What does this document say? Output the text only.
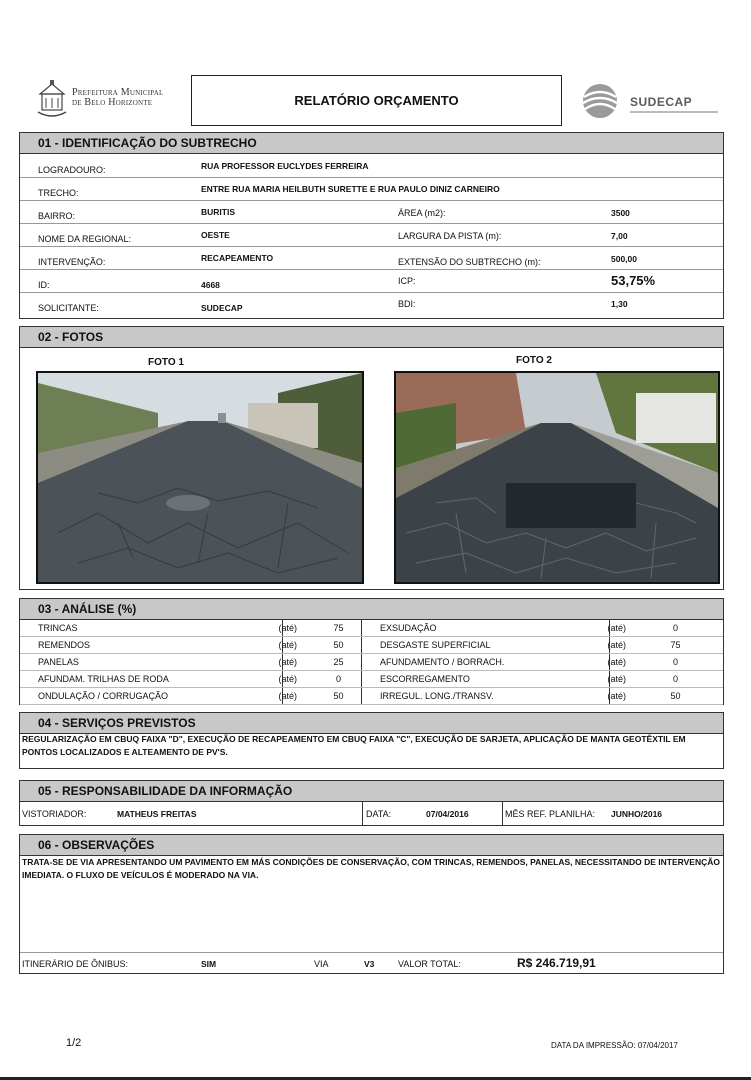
Prefeitura Municipal
de Belo Horizonte	RELATÓRIO ORÇAMENTO	SUDECAP
01 - IDENTIFICAÇÃO DO SUBTRECHO
LOGRADOURO:	RUA PROFESSOR EUCLYDES FERREIRA
TRECHO:	ENTRE RUA MARIA HEILBUTH SURETTE E RUA PAULO DINIZ CARNEIRO
BAIRRO:	BURITIS	ÁREA (m2):	3500
NOME DA REGIONAL:	OESTE	LARGURA DA PISTA (m):	7,00
INTERVENÇÃO:	RECAPEAMENTO	EXTENSÃO DO SUBTRECHO (m):	500,00
ID:	4668	ICP:	53,75%
SOLICITANTE:	SUDECAP	BDI:	1,30
02 - FOTOS
FOTO 1	FOTO 2
03 - ANÁLISE (%)
TRINCAS	(até)	75	EXSUDAÇÃO	(até)	0
REMENDOS	(até)	50	DESGASTE SUPERFICIAL	(até)	75
PANELAS	(até)	25	AFUNDAMENTO / BORRACH.	(até)	0
AFUNDAM. TRILHAS DE RODA	(até)	0	ESCORREGAMENTO	(até)	0
ONDULAÇÃO / CORRUGAÇÃO	(até)	50	IRREGUL. LONG./TRANSV.	(até)	50
04 - SERVIÇOS PREVISTOS
REGULARIZAÇÃO EM CBUQ FAIXA "D", EXECUÇÃO DE RECAPEAMENTO EM CBUQ FAIXA "C", EXECUÇÃO DE SARJETA, APLICAÇÃO DE MANTA GEOTÊXTIL EM PONTOS LOCALIZADOS E ALTEAMENTO DE PV'S.
05 - RESPONSABILIDADE DA INFORMAÇÃO
VISTORIADOR:	MATHEUS FREITAS	DATA:	07/04/2016	MÊS REF. PLANILHA: JUNHO/2016
06 - OBSERVAÇÕES
TRATA-SE DE VIA APRESENTANDO UM PAVIMENTO EM MÁS CONDIÇÕES DE CONSERVAÇÃO, COM TRINCAS, REMENDOS, PANELAS, NECESSITANDO DE INTERVENÇÃO IMEDIATA. O FLUXO DE VEÍCULOS É MODERADO NA VIA.
ITINERÁRIO DE ÔNIBUS:	SIM	VIA	V3	VALOR TOTAL:	R$ 246.719,91
1/2	DATA DA IMPRESSÃO: 07/04/2017
